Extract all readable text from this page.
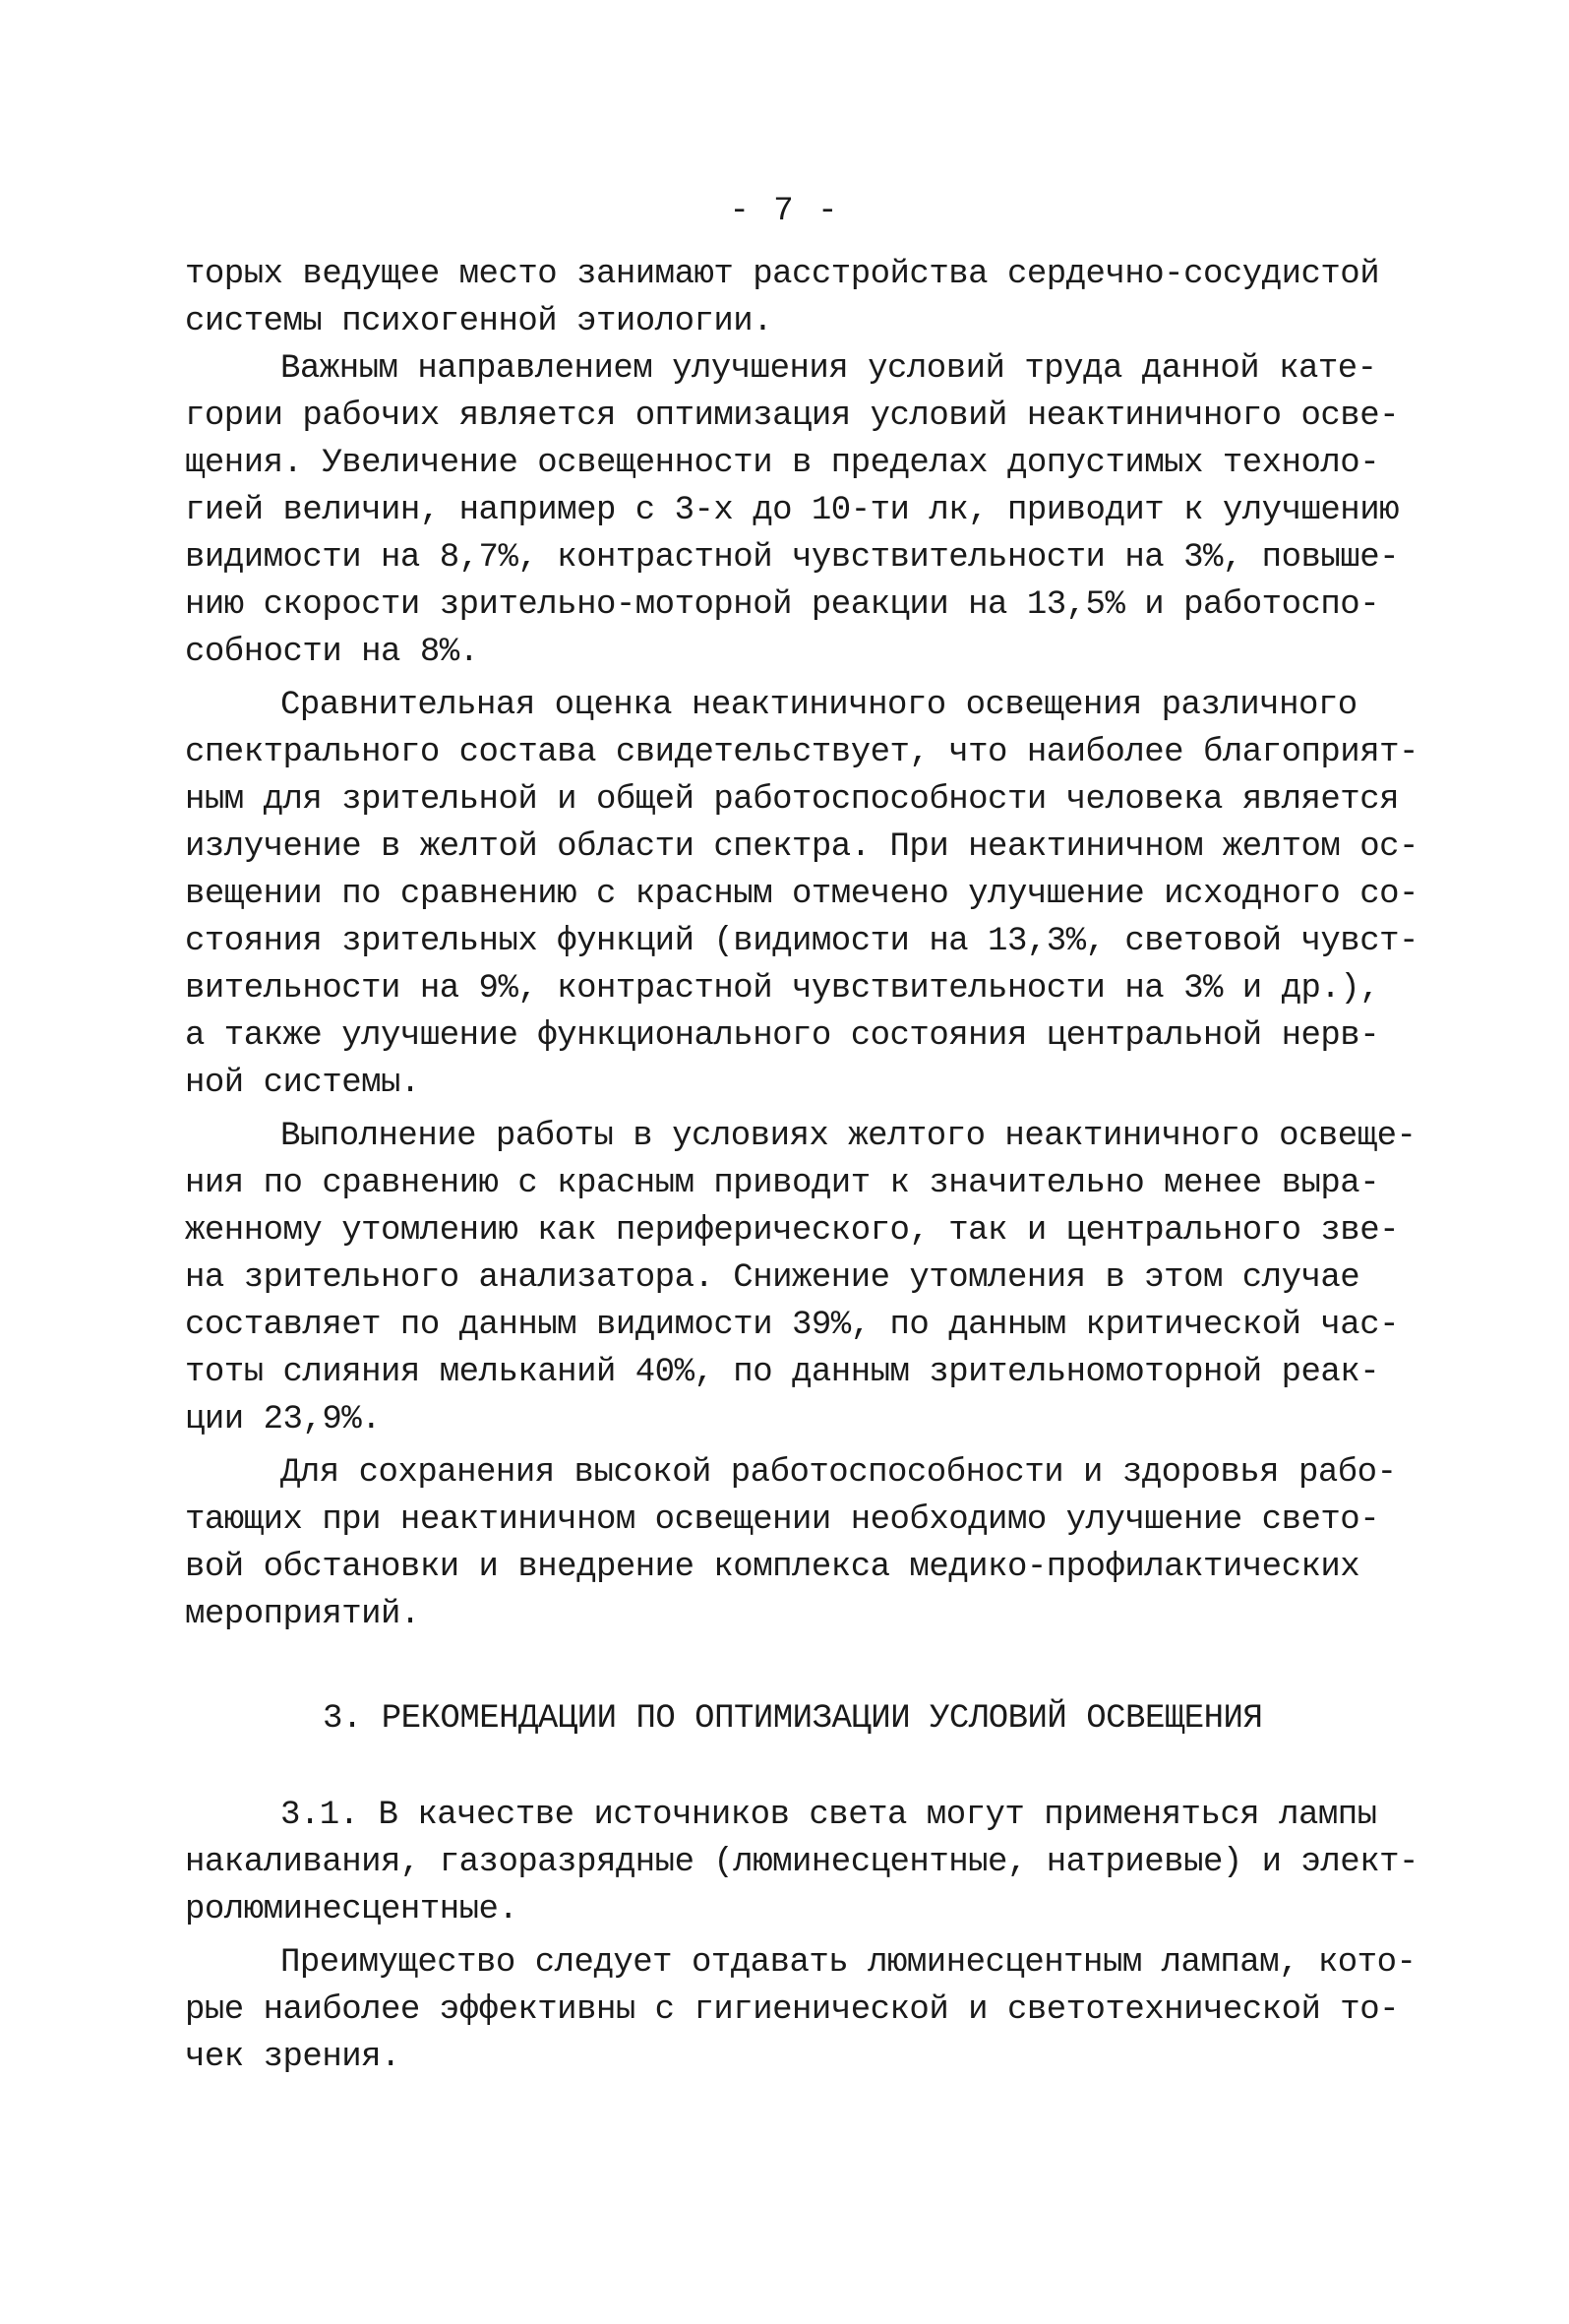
- 7 -
торых ведущее место занимают расстройства сердечно-сосудистой
системы психогенной этиологии.
Важным направлением улучшения условий труда данной кате-
гории рабочих является оптимизация условий неактиничного осве-
щения. Увеличение освещенности в пределах допустимых техноло-
гией величин, например с 3-х до 10-ти лк, приводит к улучшению
видимости на 8,7%, контрастной чувствительности на 3%, повыше-
нию скорости зрительно-моторной реакции на 13,5% и работоспо-
собности на 8%.
Сравнительная оценка неактиничного освещения различного
спектрального состава свидетельствует, что наиболее благоприят-
ным для зрительной и общей работоспособности человека является
излучение в желтой области спектра. При неактиничном желтом ос-
вещении по сравнению с красным отмечено улучшение исходного со-
стояния зрительных функций (видимости на 13,3%, световой чувст-
вительности на 9%, контрастной чувствительности на 3% и др.),
а также улучшение функционального состояния центральной нерв-
ной системы.
Выполнение работы в условиях желтого неактиничного освеще-
ния по сравнению с красным приводит к значительно менее выра-
женному утомлению как периферического, так и центрального зве-
на зрительного анализатора. Снижение утомления в этом случае
составляет по данным видимости 39%, по данным критической час-
тоты слияния мельканий 40%, по данным зрительномоторной реак-
ции 23,9%.
Для сохранения высокой работоспособности и здоровья рабо-
тающих при неактиничном освещении необходимо улучшение свето-
вой обстановки и внедрение комплекса медико-профилактических
мероприятий.
3. РЕКОМЕНДАЦИИ ПО ОПТИМИЗАЦИИ УСЛОВИЙ ОСВЕЩЕНИЯ
3.1. В качестве источников света могут применяться лампы
накаливания, газоразрядные (люминесцентные, натриевые) и элект-
ролюминесцентные.
Преимущество следует отдавать люминесцентным лампам, кото-
рые наиболее эффективны с гигиенической и светотехнической то-
чек зрения.
